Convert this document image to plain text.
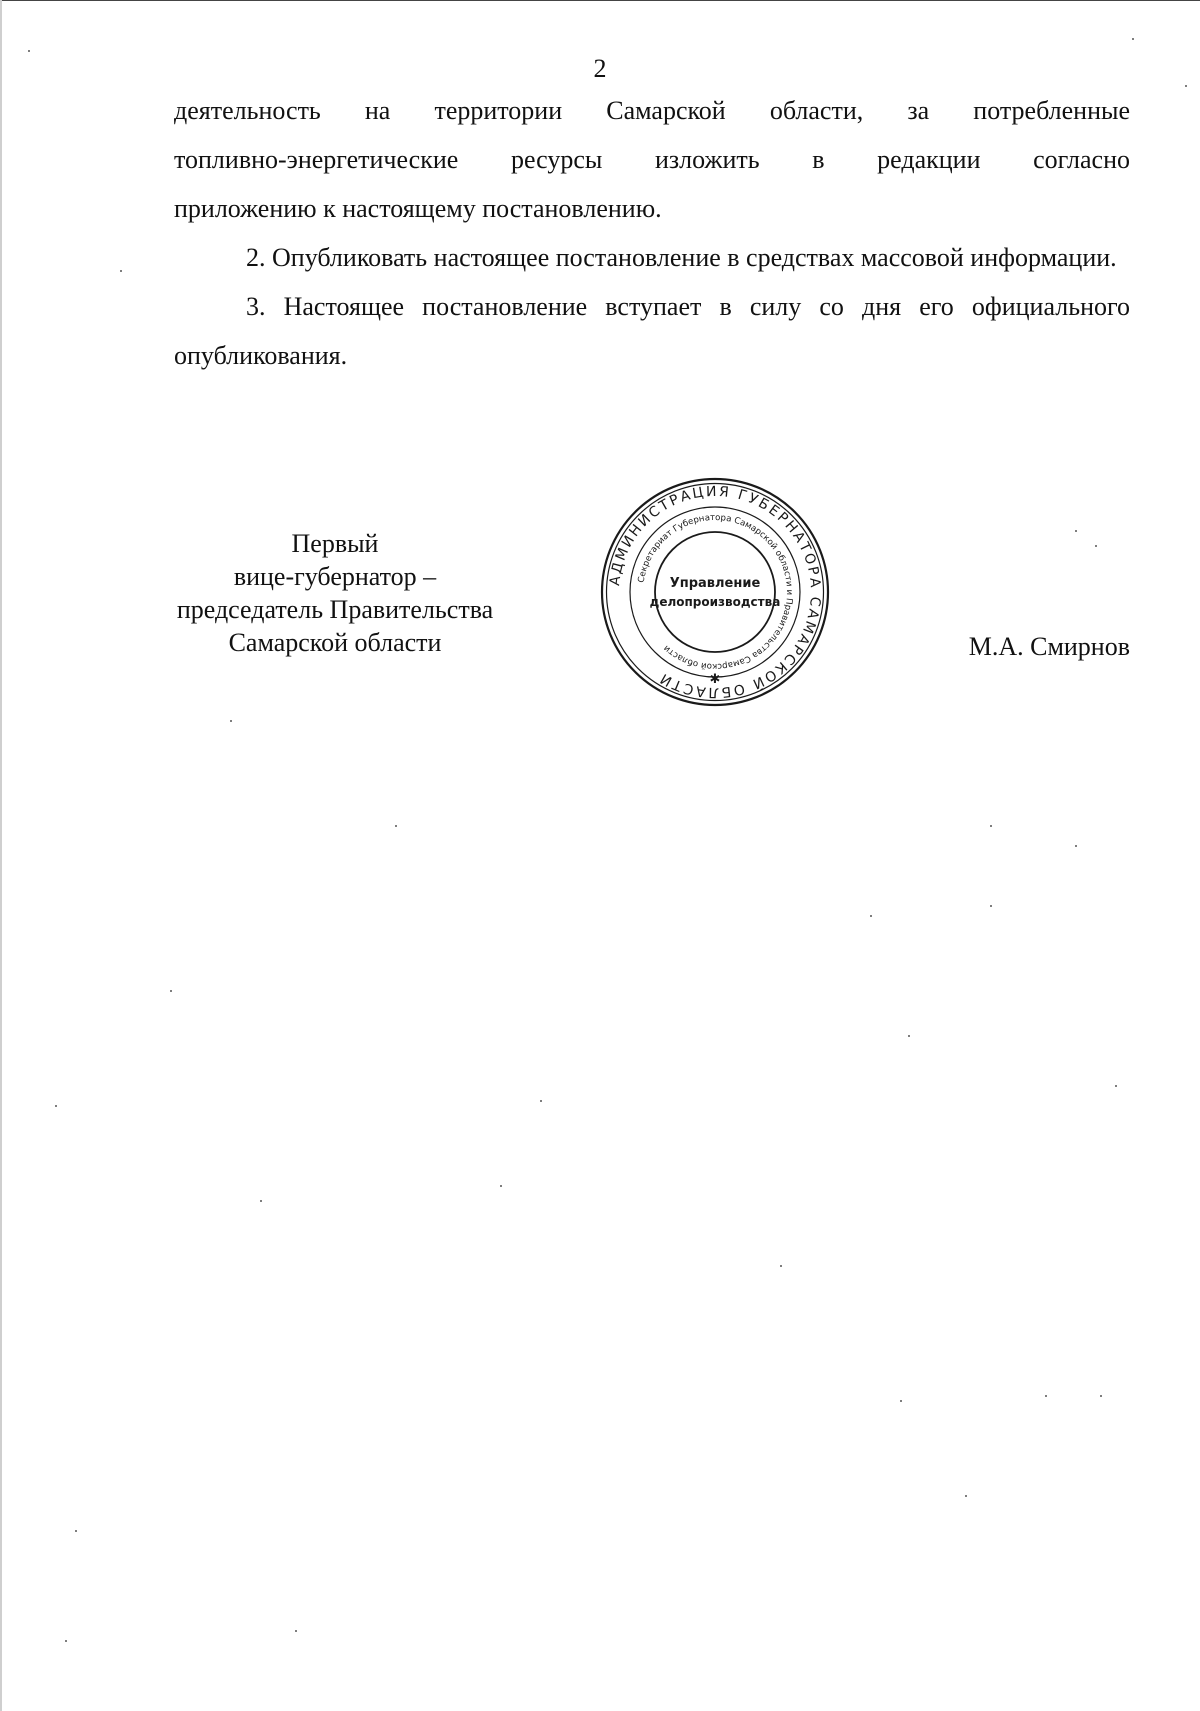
2
деятельность на территории Самарской области, за потребленные
топливно-энергетические ресурсы изложить в редакции согласно

приложению к настоящему постановлению.

2. Опубликовать настоящее постановление в средствах массовой информации.

3. Настоящее постановление вступает в силу со дня его официального опубликования.

Первый
вице-губернатор –
председатель Правительства
Самарской области
АДМИНИСТРАЦИЯ ГУБЕРНАТОРА САМАРСКОЙ ОБЛАСТИ
Секретариат Губернатора Самарской области и Правительства Самарской области
Управление
делопроизводства
✱
М.А. Смирнов
